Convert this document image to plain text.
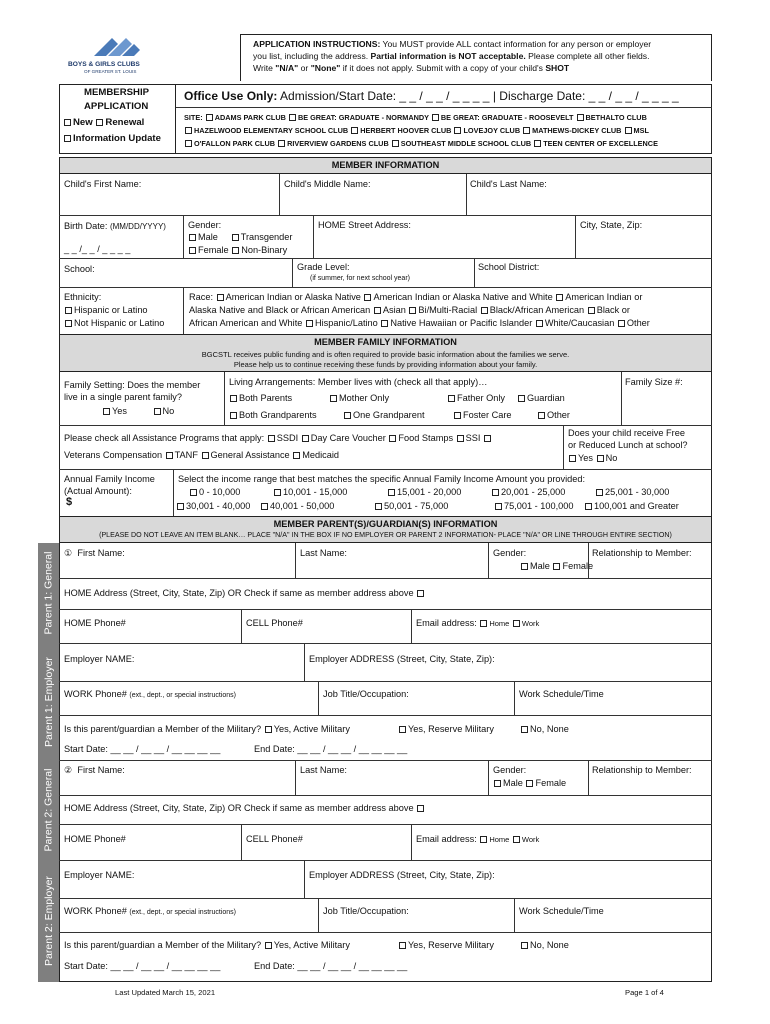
BOYS & GIRLS CLUBS
OF GREATER ST. LOUIS
APPLICATION INSTRUCTIONS: You MUST provide ALL contact information for any person or employer
you list, including the address. Partial information is NOT acceptable. Please complete all other fields.
Write "N/A" or "None" if it does not apply. Submit with a copy of your child's SHOT
MEMBERSHIP
APPLICATION
New Renewal
Information Update
Office Use Only: Admission/Start Date: _ _ / _ _ / _ _ _ _ | Discharge Date: _ _ / _ _ / _ _ _ _
SITE: ADAMS PARK CLUB BE GREAT: GRADUATE - NORMANDY BE GREAT: GRADUATE - ROOSEVELT BETHALTO CLUB
HAZELWOOD ELEMENTARY SCHOOL CLUB HERBERT HOOVER CLUB LOVEJOY CLUB MATHEWS-DICKEY CLUB MSL
O'FALLON PARK CLUB RIVERVIEW GARDENS CLUB SOUTHEAST MIDDLE SCHOOL CLUB TEEN CENTER OF EXCELLENCE
MEMBER INFORMATION
Child's First Name:	Child's Middle Name:	Child's Last Name:
Birth Date: (MM/DD/YYYY)
_ _ /_ _ / _ _ _ _
Gender:
Male Transgender
Female Non-Binary
HOME Street Address:	City, State, Zip:
School:	Grade Level:
(if summer, for next school year)
School District:
Ethnicity:
Hispanic or Latino
Not Hispanic or Latino
Race: American Indian or Alaska Native American Indian or Alaska Native and White American Indian or
Alaska Native and Black or African American Asian Bi/Multi-Racial Black/African American Black or
African American and White Hispanic/Latino Native Hawaiian or Pacific Islander White/Caucasian Other
MEMBER FAMILY INFORMATION
BGCSTL receives public funding and is often required to provide basic information about the families we serve.
Please help us to continue receiving these funds by providing information about your family.
Family Setting: Does the member
live in a single parent family?
Yes	No
Living Arrangements: Member lives with (check all that apply)…
Both Parents	Mother Only	Father Only	Guardian
Both Grandparents	One Grandparent	Foster Care	Other
Family Size #:
Please check all Assistance Programs that apply: SSDI Day Care Voucher Food Stamps SSI
Veterans Compensation TANF General Assistance Medicaid
Does your child receive Free
or Reduced Lunch at school?
Yes No
Annual Family Income
(Actual Amount):
$
Select the income range that best matches the specific Annual Family Income Amount you provided:
0 - 10,000	10,001 - 15,000	15,001 - 20,000	20,001 - 25,000	25,001 - 30,000
30,001 - 40,000	40,001 - 50,000	50,001 - 75,000	75,001 - 100,000	100,001 and Greater
MEMBER PARENT(S)/GUARDIAN(S) INFORMATION
(PLEASE DO NOT LEAVE AN ITEM BLANK… PLACE "N/A" IN THE BOX IF NO EMPLOYER OR PARENT 2 INFORMATION- PLACE "N/A" OR LINE THROUGH ENTIRE SECTION)
Parent 1: General
Parent 1: Employer
Parent 2: General
Parent 2: Employer
① First Name:	Last Name:	Gender:
Male Female
Relationship to Member:
HOME Address (Street, City, State, Zip) OR Check if same as member address above
HOME Phone#	CELL Phone#	Email address: Home Work
Employer NAME:	Employer ADDRESS (Street, City, State, Zip):
WORK Phone# (ext., dept., or special instructions)	Job Title/Occupation:	Work Schedule/Time
Is this parent/guardian a Member of the Military? Yes, Active Military	Yes, Reserve Military	No, None
Start Date: __ __ / __ __ / __ __ __ __	End Date: __ __ / __ __ / __ __ __ __
② First Name:	Last Name:	Gender:
Male Female
Relationship to Member:
HOME Address (Street, City, State, Zip) OR Check if same as member address above
HOME Phone#	CELL Phone#	Email address: Home Work
Employer NAME:	Employer ADDRESS (Street, City, State, Zip):
WORK Phone# (ext., dept., or special instructions)	Job Title/Occupation:	Work Schedule/Time
Is this parent/guardian a Member of the Military? Yes, Active Military	Yes, Reserve Military	No, None
Start Date: __ __ / __ __ / __ __ __ __	End Date: __ __ / __ __ / __ __ __ __
Last Updated March 15, 2021	Page 1 of 4
